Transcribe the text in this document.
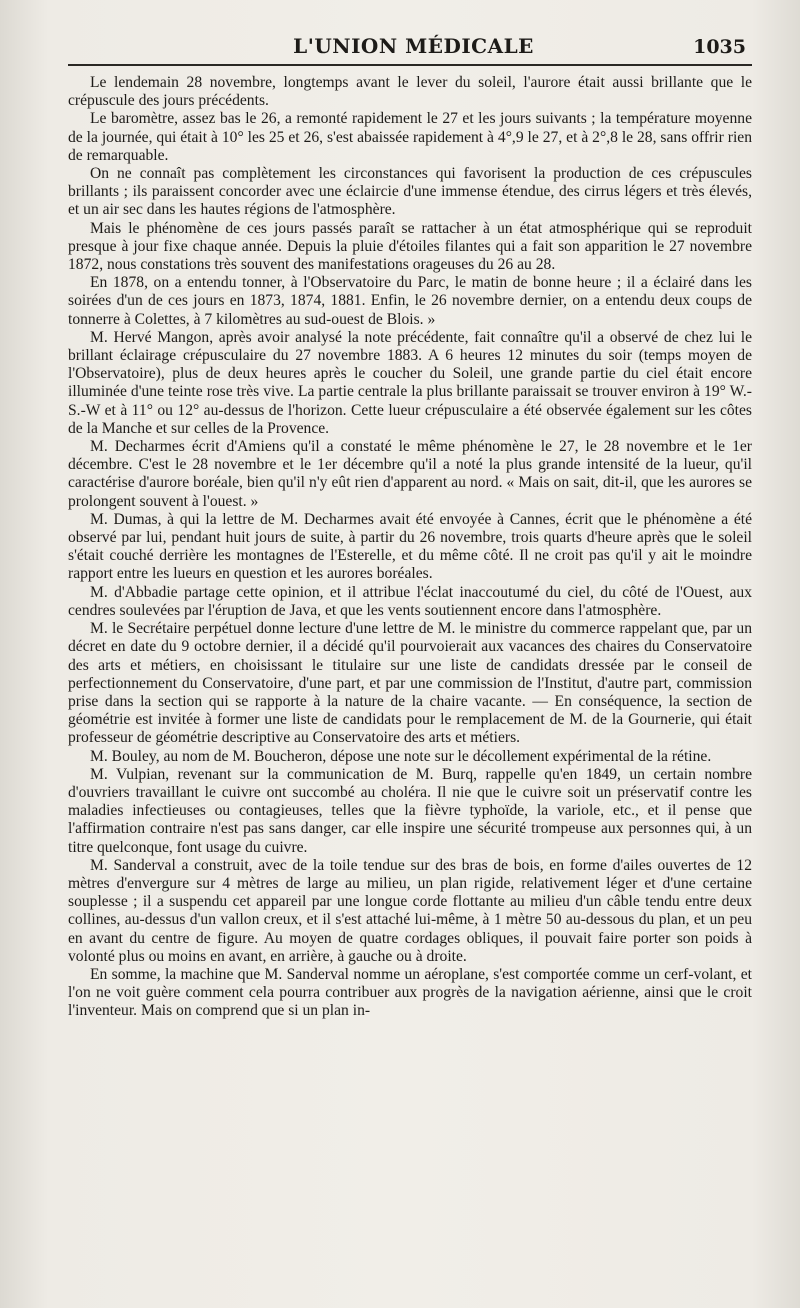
L'UNION MÉDICALE	1035

Le lendemain 28 novembre, longtemps avant le lever du soleil, l'aurore était aussi brillante que le crépuscule des jours précédents.

Le baromètre, assez bas le 26, a remonté rapidement le 27 et les jours suivants ; la température moyenne de la journée, qui était à 10° les 25 et 26, s'est abaissée rapidement à 4°,9 le 27, et à 2°,8 le 28, sans offrir rien de remarquable.

On ne connaît pas complètement les circonstances qui favorisent la production de ces crépuscules brillants ; ils paraissent concorder avec une éclaircie d'une immense étendue, des cirrus légers et très élevés, et un air sec dans les hautes régions de l'atmosphère.

Mais le phénomène de ces jours passés paraît se rattacher à un état atmosphérique qui se reproduit presque à jour fixe chaque année. Depuis la pluie d'étoiles filantes qui a fait son apparition le 27 novembre 1872, nous constations très souvent des manifestations orageuses du 26 au 28.

En 1878, on a entendu tonner, à l'Observatoire du Parc, le matin de bonne heure ; il a éclairé dans les soirées d'un de ces jours en 1873, 1874, 1881. Enfin, le 26 novembre dernier, on a entendu deux coups de tonnerre à Colettes, à 7 kilomètres au sud-ouest de Blois. »

M. Hervé Mangon, après avoir analysé la note précédente, fait connaître qu'il a observé de chez lui le brillant éclairage crépusculaire du 27 novembre 1883. A 6 heures 12 minutes du soir (temps moyen de l'Observatoire), plus de deux heures après le coucher du Soleil, une grande partie du ciel était encore illuminée d'une teinte rose très vive. La partie centrale la plus brillante paraissait se trouver environ à 19° W.-S.-W et à 11° ou 12° au-dessus de l'horizon. Cette lueur crépusculaire a été observée également sur les côtes de la Manche et sur celles de la Provence.

M. Decharmes écrit d'Amiens qu'il a constaté le même phénomène le 27, le 28 novembre et le 1er décembre. C'est le 28 novembre et le 1er décembre qu'il a noté la plus grande intensité de la lueur, qu'il caractérise d'aurore boréale, bien qu'il n'y eût rien d'apparent au nord. « Mais on sait, dit-il, que les aurores se prolongent souvent à l'ouest. »

M. Dumas, à qui la lettre de M. Decharmes avait été envoyée à Cannes, écrit que le phénomène a été observé par lui, pendant huit jours de suite, à partir du 26 novembre, trois quarts d'heure après que le soleil s'était couché derrière les montagnes de l'Esterelle, et du même côté. Il ne croit pas qu'il y ait le moindre rapport entre les lueurs en question et les aurores boréales.

M. d'Abbadie partage cette opinion, et il attribue l'éclat inaccoutumé du ciel, du côté de l'Ouest, aux cendres soulevées par l'éruption de Java, et que les vents soutiennent encore dans l'atmosphère.

M. le Secrétaire perpétuel donne lecture d'une lettre de M. le ministre du commerce rappelant que, par un décret en date du 9 octobre dernier, il a décidé qu'il pourvoierait aux vacances des chaires du Conservatoire des arts et métiers, en choisissant le titulaire sur une liste de candidats dressée par le conseil de perfectionnement du Conservatoire, d'une part, et par une commission de l'Institut, d'autre part, commission prise dans la section qui se rapporte à la nature de la chaire vacante. — En conséquence, la section de géométrie est invitée à former une liste de candidats pour le remplacement de M. de la Gournerie, qui était professeur de géométrie descriptive au Conservatoire des arts et métiers.

M. Bouley, au nom de M. Boucheron, dépose une note sur le décollement expérimental de la rétine.

M. Vulpian, revenant sur la communication de M. Burq, rappelle qu'en 1849, un certain nombre d'ouvriers travaillant le cuivre ont succombé au choléra. Il nie que le cuivre soit un préservatif contre les maladies infectieuses ou contagieuses, telles que la fièvre typhoïde, la variole, etc., et il pense que l'affirmation contraire n'est pas sans danger, car elle inspire une sécurité trompeuse aux personnes qui, à un titre quelconque, font usage du cuivre.

M. Sanderval a construit, avec de la toile tendue sur des bras de bois, en forme d'ailes ouvertes de 12 mètres d'envergure sur 4 mètres de large au milieu, un plan rigide, relativement léger et d'une certaine souplesse ; il a suspendu cet appareil par une longue corde flottante au milieu d'un câble tendu entre deux collines, au-dessus d'un vallon creux, et il s'est attaché lui-même, à 1 mètre 50 au-dessous du plan, et un peu en avant du centre de figure. Au moyen de quatre cordages obliques, il pouvait faire porter son poids à volonté plus ou moins en avant, en arrière, à gauche ou à droite.

En somme, la machine que M. Sanderval nomme un aéroplane, s'est comportée comme un cerf-volant, et l'on ne voit guère comment cela pourra contribuer aux progrès de la navigation aérienne, ainsi que le croit l'inventeur. Mais on comprend que si un plan in-
